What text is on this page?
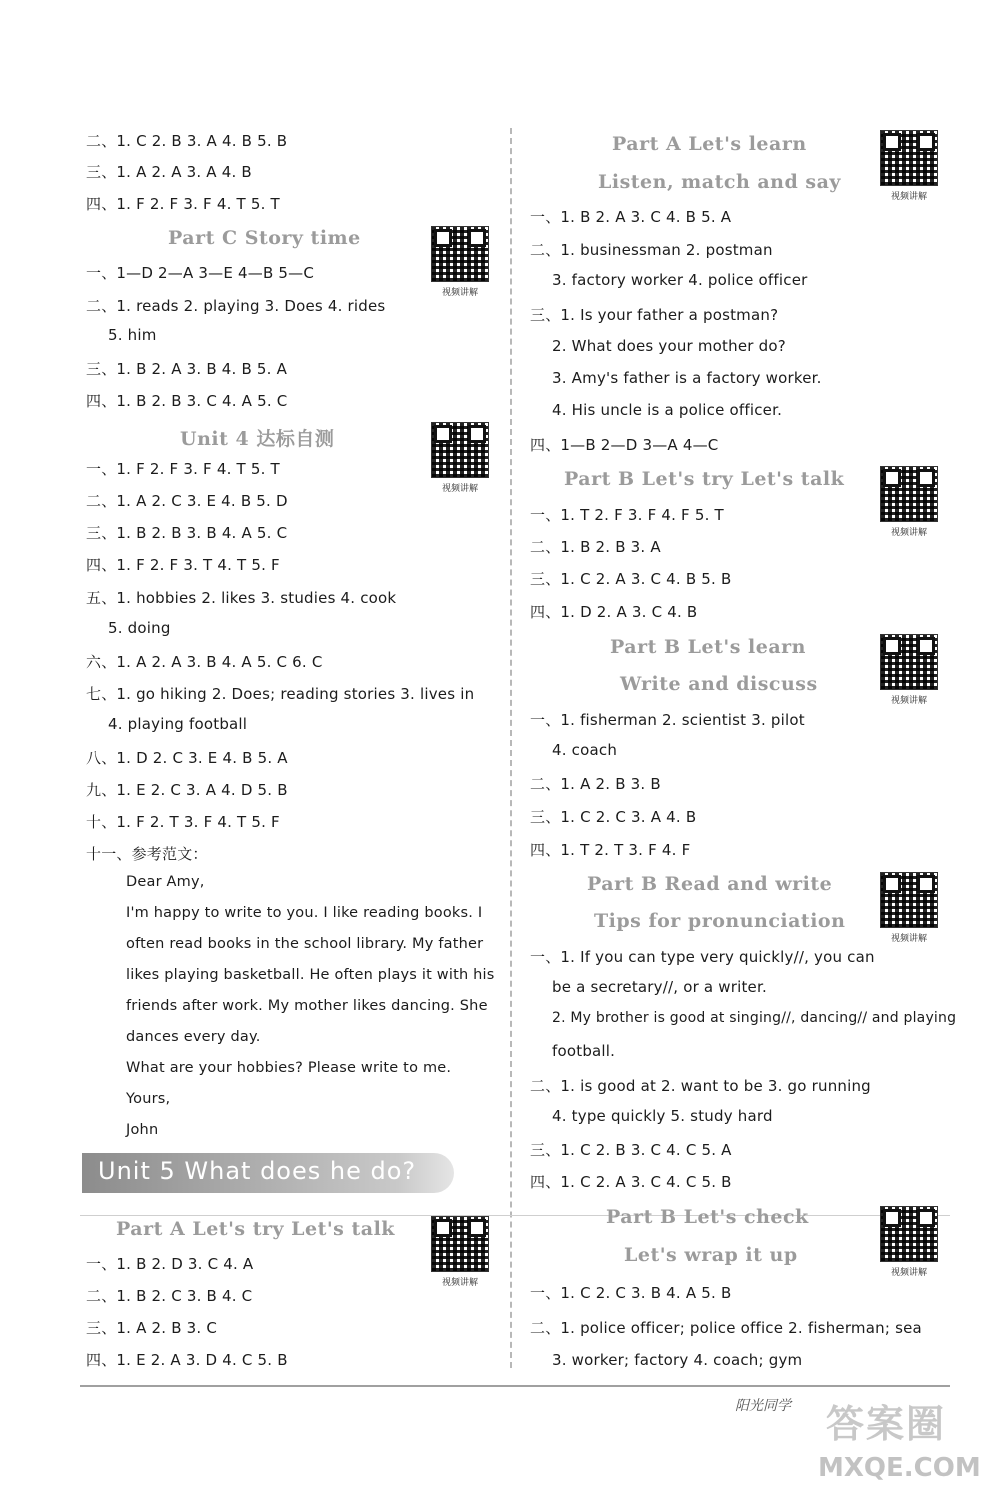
二、1. C 2. B 3. A 4. B 5. B
三、1. A 2. A 3. A 4. B
四、1. F 2. F 3. F 4. T 5. T
Part C Story time
一、1—D 2—A 3—E 4—B 5—C
二、1. reads 2. playing 3. Does 4. rides
5. him
三、1. B 2. A 3. B 4. B 5. A
四、1. B 2. B 3. C 4. A 5. C
Unit 4 达标自测
一、1. F 2. F 3. F 4. T 5. T
二、1. A 2. C 3. E 4. B 5. D
三、1. B 2. B 3. B 4. A 5. C
四、1. F 2. F 3. T 4. T 5. F
五、1. hobbies 2. likes 3. studies 4. cook
5. doing
六、1. A 2. A 3. B 4. A 5. C 6. C
七、1. go hiking 2. Does; reading stories 3. lives in
4. playing football
八、1. D 2. C 3. E 4. B 5. A
九、1. E 2. C 3. A 4. D 5. B
十、1. F 2. T 3. F 4. T 5. F
十一、参考范文：
Dear Amy,
I'm happy to write to you. I like reading books. I
often read books in the school library. My father
likes playing basketball. He often plays it with his
friends after work. My mother likes dancing. She
dances every day.
What are your hobbies? Please write to me.
Yours,
John
Part A Let's try Let's talk
一、1. B 2. D 3. C 4. A
二、1. B 2. C 3. B 4. C
三、1. A 2. B 3. C
四、1. E 2. A 3. D 4. C 5. B
Unit 5 What does he do?
Part A Let's learn
Listen, match and say
一、1. B 2. A 3. C 4. B 5. A
二、1. businessman 2. postman
3. factory worker 4. police officer
三、1. Is your father a postman?
2. What does your mother do?
3. Amy's father is a factory worker.
4. His uncle is a police officer.
四、1—B 2—D 3—A 4—C
Part B Let's try Let's talk
一、1. T 2. F 3. F 4. F 5. T
二、1. B 2. B 3. A
三、1. C 2. A 3. C 4. B 5. B
四、1. D 2. A 3. C 4. B
Part B Let's learn
Write and discuss
一、1. fisherman 2. scientist 3. pilot
4. coach
二、1. A 2. B 3. B
三、1. C 2. C 3. A 4. B
四、1. T 2. T 3. F 4. F
Part B Read and write
Tips for pronunciation
一、1. If you can type very quickly//, you can
be a secretary//, or a writer.
2. My brother is good at singing//, dancing// and playing
football.
二、1. is good at 2. want to be 3. go running
4. type quickly 5. study hard
三、1. C 2. B 3. C 4. C 5. A
四、1. C 2. A 3. C 4. C 5. B
Part B Let's check
Let's wrap it up
一、1. C 2. C 3. B 4. A 5. B
二、1. police officer; police office 2. fisherman; sea
3. worker; factory 4. coach; gym
视频讲解
视频讲解
视频讲解
视频讲解
视频讲解
视频讲解
视频讲解
视频讲解
阳光同学 答案圈
MXQE.COM
